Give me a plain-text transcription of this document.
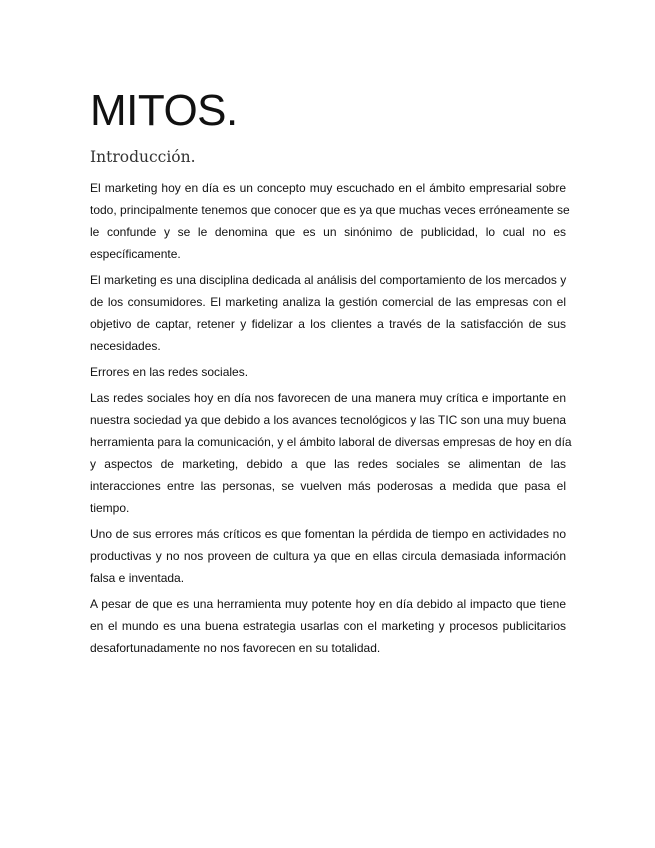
MITOS.
Introducción.
El marketing hoy en día es un concepto muy escuchado en el ámbito empresarial sobre
todo, principalmente tenemos que conocer que es ya que muchas veces erróneamente se
le confunde y se le denomina que es un sinónimo de publicidad, lo cual no es
específicamente.
El marketing es una disciplina dedicada al análisis del comportamiento de los mercados y
de los consumidores. El marketing analiza la gestión comercial de las empresas con el
objetivo de captar, retener y fidelizar a los clientes a través de la satisfacción de sus
necesidades.
Errores en las redes sociales.
Las redes sociales hoy en día nos favorecen de una manera muy crítica e importante en
nuestra sociedad ya que debido a los avances tecnológicos y las TIC son una muy buena
herramienta para la comunicación, y el ámbito laboral de diversas empresas de hoy en día
y aspectos de marketing, debido a que las redes sociales se alimentan de las
interacciones entre las personas, se vuelven más poderosas a medida que pasa el
tiempo.
Uno de sus errores más críticos es que fomentan la pérdida de tiempo en actividades no
productivas y no nos proveen de cultura ya que en ellas circula demasiada información
falsa e inventada.
A pesar de que es una herramienta muy potente hoy en día debido al impacto que tiene
en el mundo es una buena estrategia usarlas con el marketing y procesos publicitarios
desafortunadamente no nos favorecen en su totalidad.
